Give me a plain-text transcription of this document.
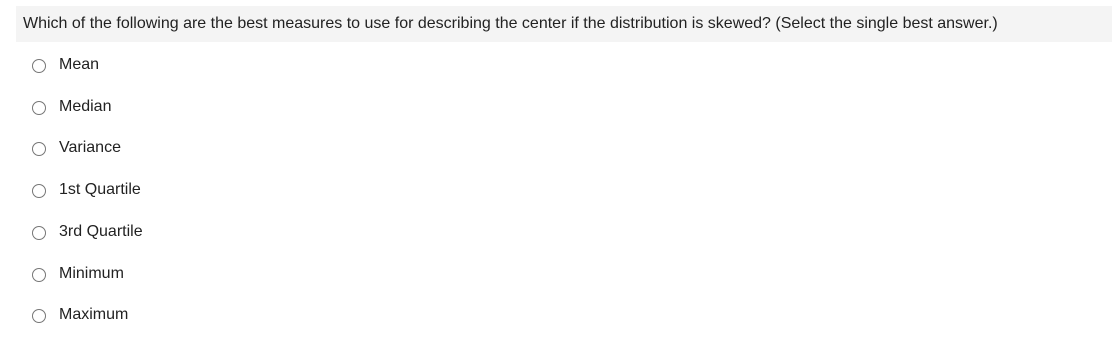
Which of the following are the best measures to use for describing the center if the distribution is skewed? (Select the single best answer.)
Mean
Median
Variance
1st Quartile
3rd Quartile
Minimum
Maximum
